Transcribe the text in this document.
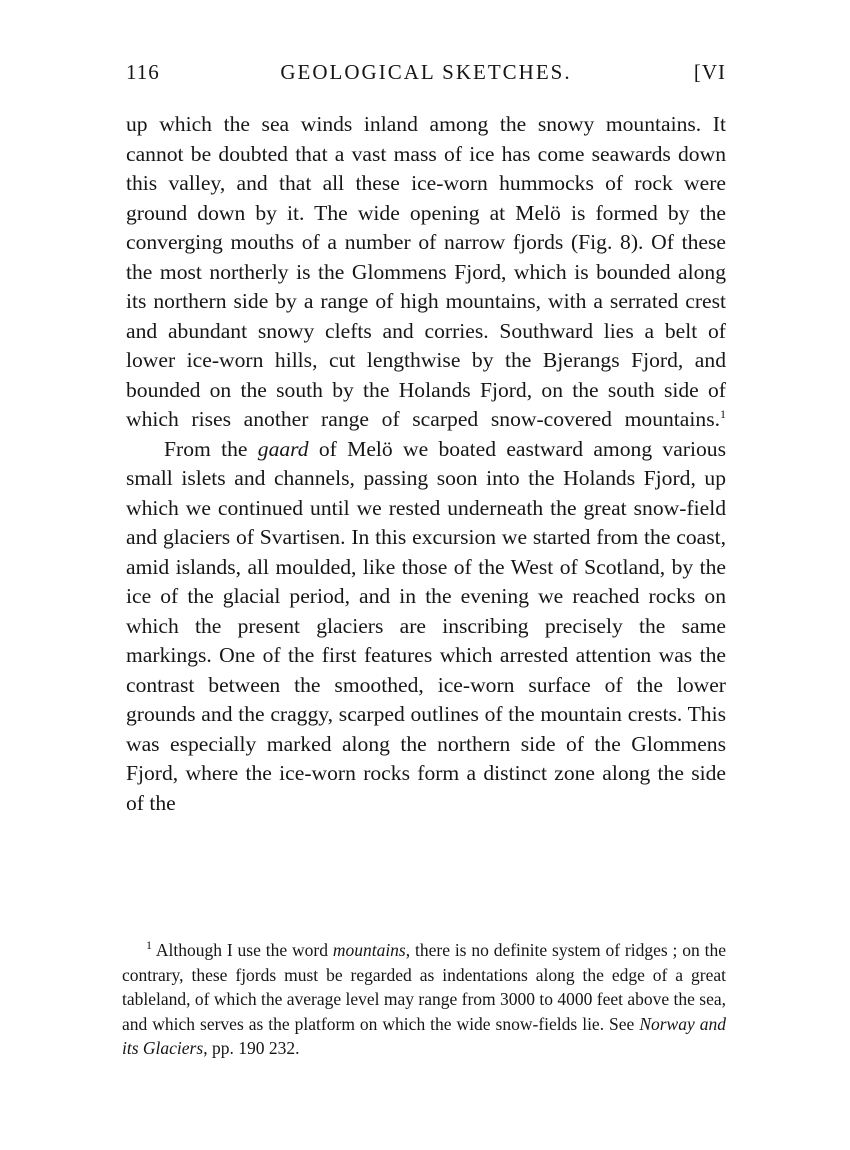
116	GEOLOGICAL SKETCHES.	[VI

up which the sea winds inland among the snowy mountains. It cannot be doubted that a vast mass of ice has come seawards down this valley, and that all these ice-worn hummocks of rock were ground down by it. The wide opening at Melö is formed by the converging mouths of a number of narrow fjords (Fig. 8). Of these the most northerly is the Glommens Fjord, which is bounded along its northern side by a range of high mountains, with a serrated crest and abundant snowy clefts and corries. Southward lies a belt of lower ice-worn hills, cut lengthwise by the Bjerangs Fjord, and bounded on the south by the Holands Fjord, on the south side of which rises another range of scarped snow-covered mountains.$^1$

From the gaard of Melö we boated eastward among various small islets and channels, passing soon into the Holands Fjord, up which we continued until we rested underneath the great snow-field and glaciers of Svartisen. In this excursion we started from the coast, amid islands, all moulded, like those of the West of Scotland, by the ice of the glacial period, and in the evening we reached rocks on which the present glaciers are inscribing precisely the same markings. One of the first features which arrested attention was the contrast between the smoothed, ice-worn surface of the lower grounds and the craggy, scarped outlines of the mountain crests. This was especially marked along the northern side of the Glommens Fjord, where the ice-worn rocks form a distinct zone along the side of the

$^1$ Although I use the word mountains, there is no definite system of ridges ; on the contrary, these fjords must be regarded as indentations along the edge of a great tableland, of which the average level may range from 3000 to 4000 feet above the sea, and which serves as the platform on which the wide snow-fields lie. See Norway and its Glaciers, pp. 190 232.
